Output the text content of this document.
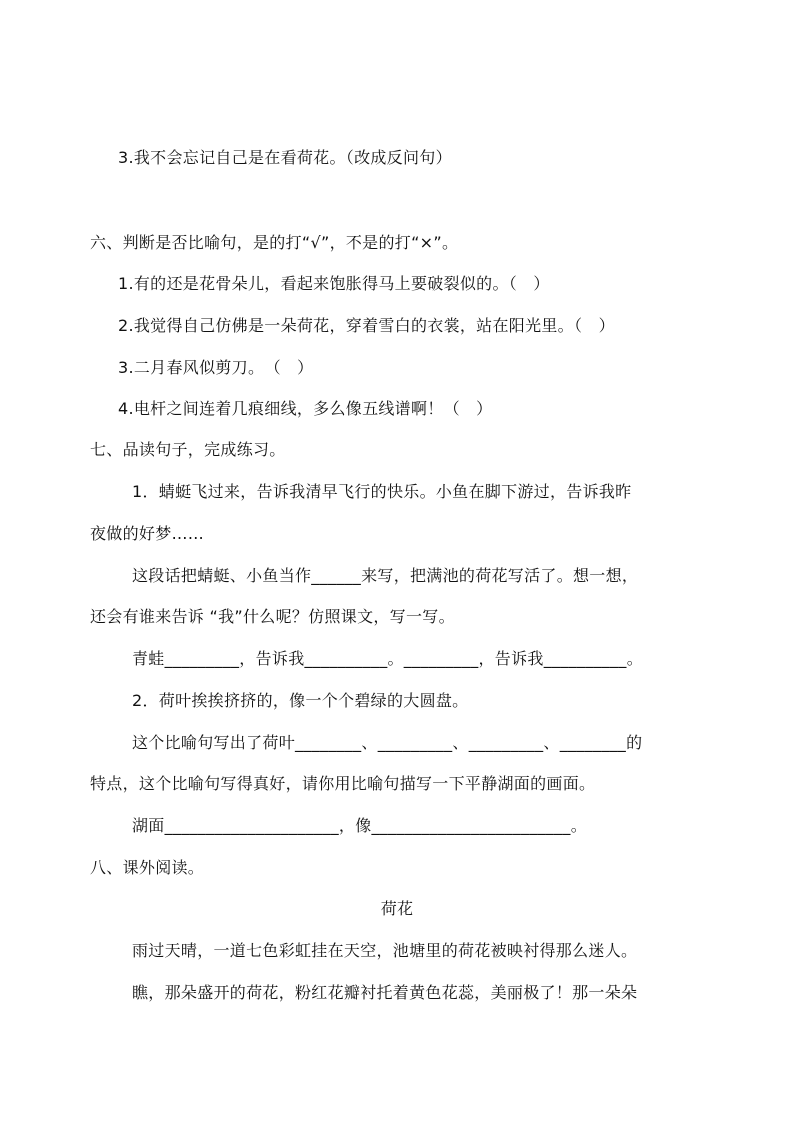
3.我不会忘记自己是在看荷花。（改成反问句）
六、判断是否比喻句，是的打“√”，不是的打“×”。
1.有的还是花骨朵儿，看起来饱胀得马上要破裂似的。（　）
2.我觉得自己仿佛是一朵荷花，穿着雪白的衣裳，站在阳光里。（　）
3.二月春风似剪刀。　（　）
4.电杆之间连着几痕细线，多么像五线谱啊！（　）
七、品读句子，完成练习。
1．蜻蜓飞过来，告诉我清早飞行的快乐。小鱼在脚下游过，告诉我昨
夜做的好梦……
这段话把蜻蜓、小鱼当作______来写，把满池的荷花写活了。想一想，
还会有谁来告诉 “我”什么呢？仿照课文，写一写。
青蛙_________，告诉我__________。_________，告诉我__________。
2．荷叶挨挨挤挤的，像一个个碧绿的大圆盘。
这个比喻句写出了荷叶________、_________、_________、________的
特点，这个比喻句写得真好，请你用比喻句描写一下平静湖面的画面。
湖面_____________________，像________________________。
八、课外阅读。
荷花
雨过天晴，一道七色彩虹挂在天空，池塘里的荷花被映衬得那么迷人。
瞧，那朵盛开的荷花，粉红花瓣衬托着黄色花蕊，美丽极了！那一朵朵
